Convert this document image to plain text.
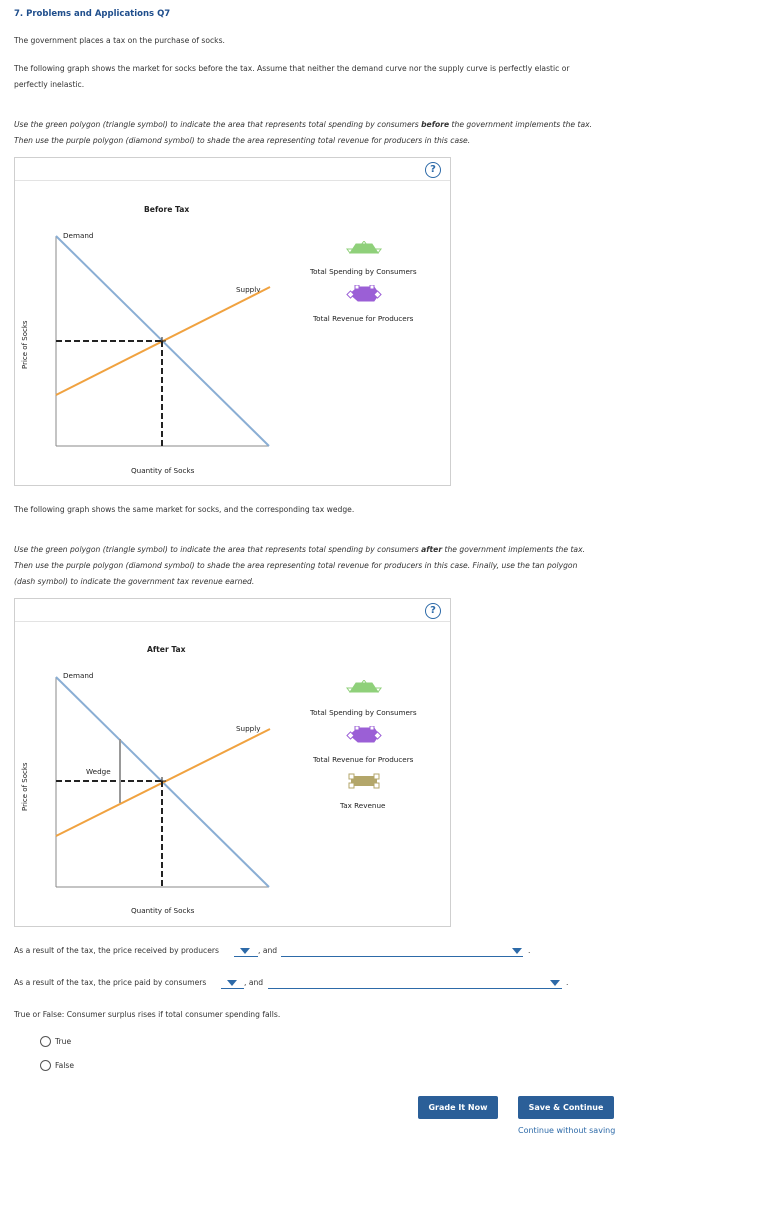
7. Problems and Applications Q7
The government places a tax on the purchase of socks.
The following graph shows the market for socks before the tax. Assume that neither the demand curve nor the supply curve is perfectly elastic or
perfectly inelastic.
Use the green polygon (triangle symbol) to indicate the area that represents total spending by consumers before the government implements the tax.
Then use the purple polygon (diamond symbol) to shade the area representing total revenue for producers in this case.
?
Before Tax
Price of Socks
Quantity of Socks
Demand
Supply
Total Spending by Consumers
Total Revenue for Producers
The following graph shows the same market for socks, and the corresponding tax wedge.
Use the green polygon (triangle symbol) to indicate the area that represents total spending by consumers after the government implements the tax.
Then use the purple polygon (diamond symbol) to shade the area representing total revenue for producers in this case. Finally, use the tan polygon
(dash symbol) to indicate the government tax revenue earned.
?
After Tax
Price of Socks
Quantity of Socks
Demand
Supply
Wedge
Total Spending by Consumers
Total Revenue for Producers
Tax Revenue
As a result of the tax, the price received by producers	, and	.
As a result of the tax, the price paid by consumers	, and	.
True or False: Consumer surplus rises if total consumer spending falls.
True
False
Grade It Now	Save & Continue
Continue without saving
